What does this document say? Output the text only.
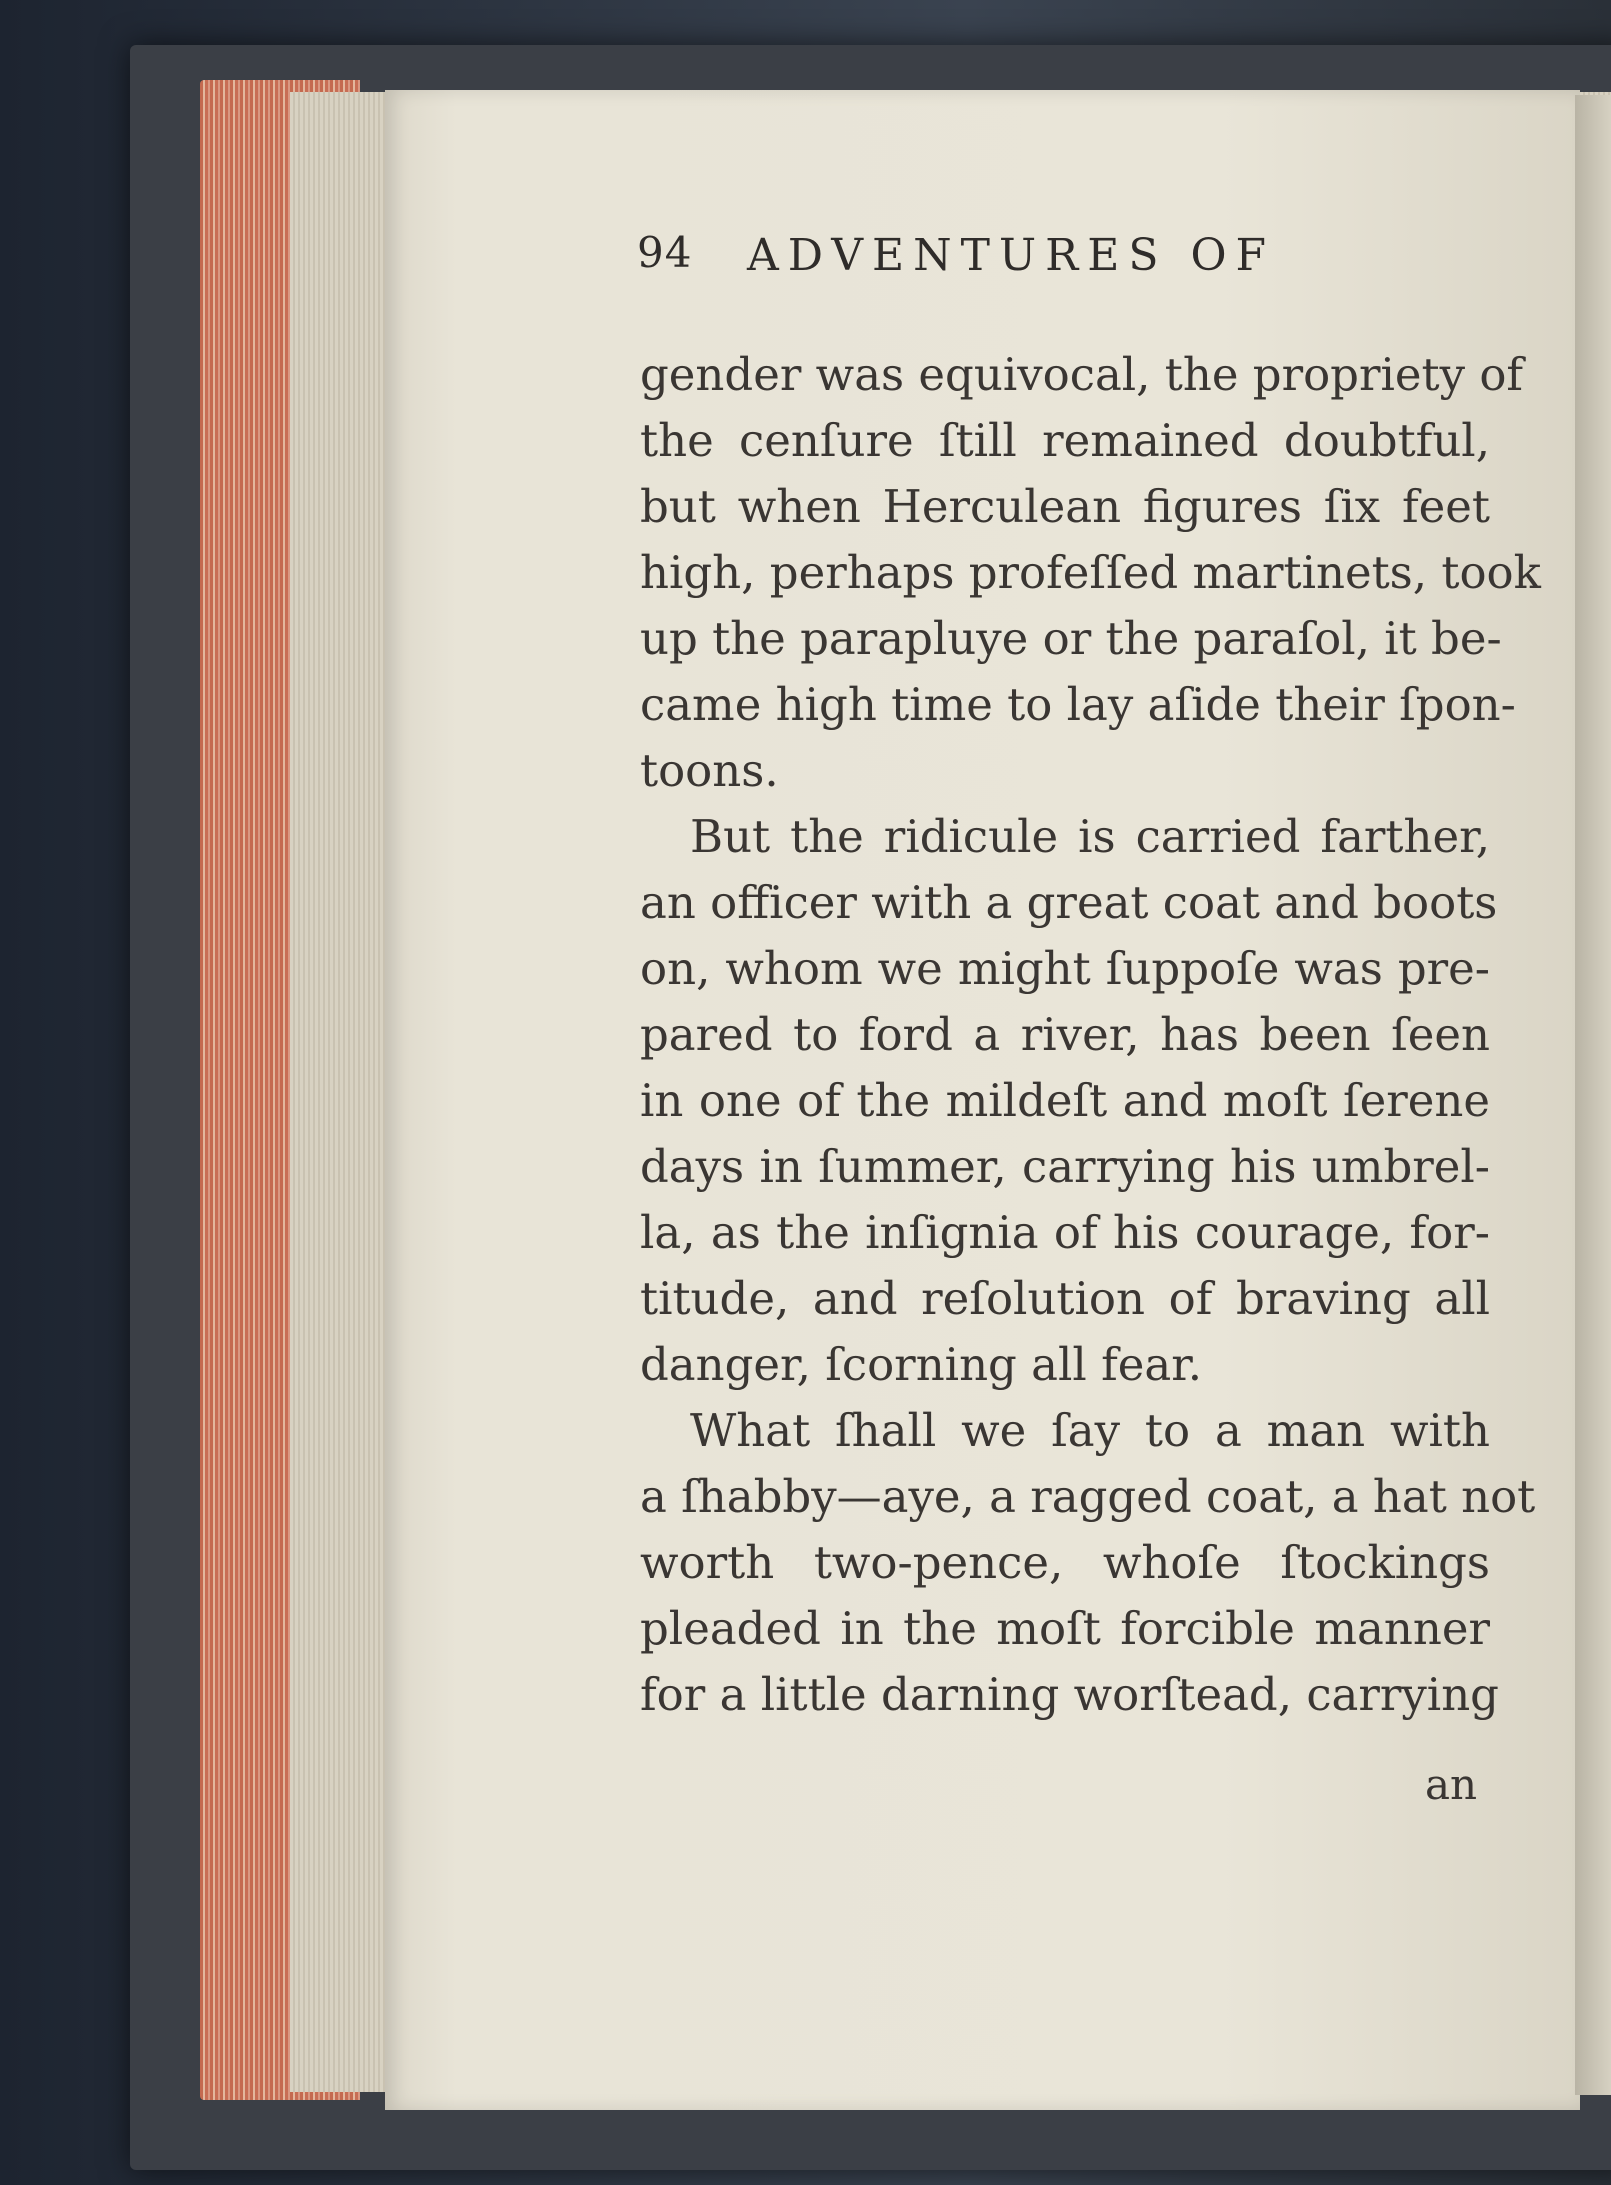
94 ADVENTURES OF
gender was equivocal, the propriety of
the cenſure ſtill remained doubtful,
but when Herculean figures ſix feet
high, perhaps profeſſed martinets, took
up the parapluye or the paraſol, it be-
came high time to lay aſide their ſpon-
toons.
But the ridicule is carried farther,
an officer with a great coat and boots
on, whom we might ſuppoſe was pre-
pared to ford a river, has been ſeen
in one of the mildeſt and moſt ſerene
days in ſummer, carrying his umbrel-
la, as the inſignia of his courage, for-
titude, and reſolution of braving all
danger, ſcorning all fear.
What ſhall we ſay to a man with
a ſhabby—aye, a ragged coat, a hat not
worth two-pence, whoſe ſtockings
pleaded in the moſt forcible manner
for a little darning worſtead, carrying
an
